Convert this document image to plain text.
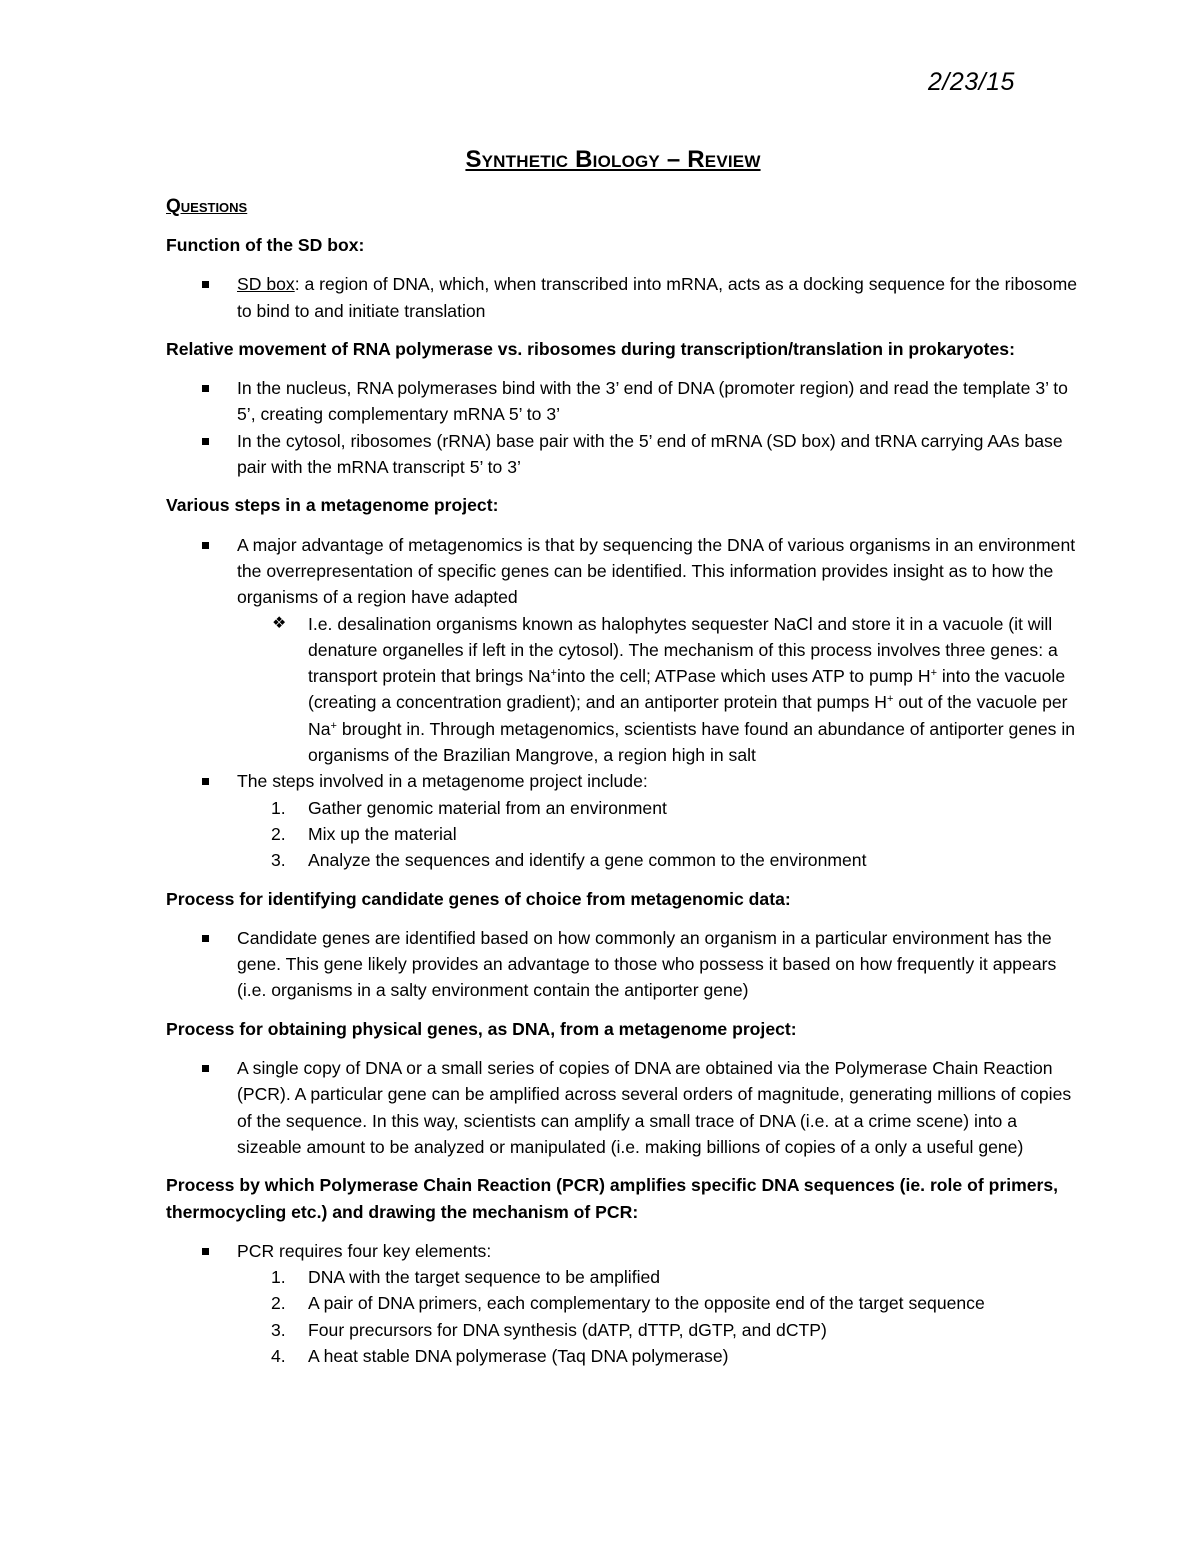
2/23/15
Synthetic Biology – Review
Questions
Function of the SD box:
SD box: a region of DNA, which, when transcribed into mRNA, acts as a docking sequence for the ribosome to bind to and initiate translation
Relative movement of RNA polymerase vs. ribosomes during transcription/translation in prokaryotes:
In the nucleus, RNA polymerases bind with the 3’ end of DNA (promoter region) and read the template 3’ to 5’, creating complementary mRNA 5’ to 3’
In the cytosol, ribosomes (rRNA) base pair with the 5’ end of mRNA (SD box) and tRNA carrying AAs base pair with the mRNA transcript 5’ to 3’
Various steps in a metagenome project:
A major advantage of metagenomics is that by sequencing the DNA of various organisms in an environment the overrepresentation of specific genes can be identified. This information provides insight as to how the organisms of a region have adapted
❖ I.e. desalination organisms known as halophytes sequester NaCl and store it in a vacuole (it will denature organelles if left in the cytosol). The mechanism of this process involves three genes: a transport protein that brings Na+into the cell; ATPase which uses ATP to pump H+ into the vacuole (creating a concentration gradient); and an antiporter protein that pumps H+ out of the vacuole per Na+ brought in. Through metagenomics, scientists have found an abundance of antiporter genes in organisms of the Brazilian Mangrove, a region high in salt
The steps involved in a metagenome project include:
1. Gather genomic material from an environment
2. Mix up the material
3. Analyze the sequences and identify a gene common to the environment
Process for identifying candidate genes of choice from metagenomic data:
Candidate genes are identified based on how commonly an organism in a particular environment has the gene. This gene likely provides an advantage to those who possess it based on how frequently it appears (i.e. organisms in a salty environment contain the antiporter gene)
Process for obtaining physical genes, as DNA, from a metagenome project:
A single copy of DNA or a small series of copies of DNA are obtained via the Polymerase Chain Reaction (PCR). A particular gene can be amplified across several orders of magnitude, generating millions of copies of the sequence. In this way, scientists can amplify a small trace of DNA (i.e. at a crime scene) into a sizeable amount to be analyzed or manipulated (i.e. making billions of copies of a only a useful gene)
Process by which Polymerase Chain Reaction (PCR) amplifies specific DNA sequences (ie. role of primers, thermocycling etc.) and drawing the mechanism of PCR:
PCR requires four key elements:
1. DNA with the target sequence to be amplified
2. A pair of DNA primers, each complementary to the opposite end of the target sequence
3. Four precursors for DNA synthesis (dATP, dTTP, dGTP, and dCTP)
4. A heat stable DNA polymerase (Taq DNA polymerase)
